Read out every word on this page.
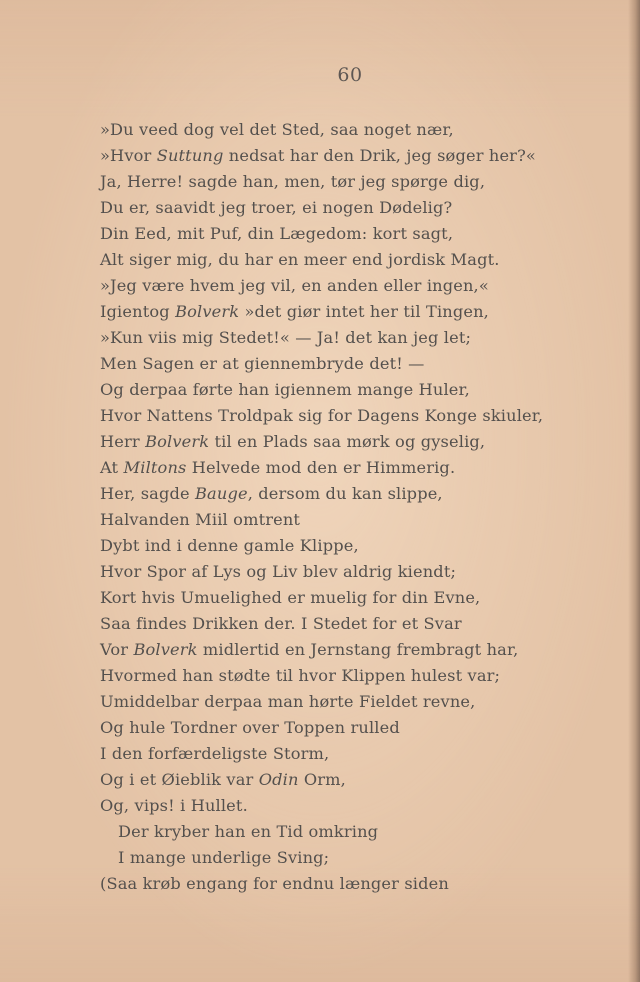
60
»Du veed dog vel det Sted, saa noget nær,
»Hvor Suttung nedsat har den Drik, jeg søger her?«
Ja, Herre! sagde han, men, tør jeg spørge dig,
Du er, saavidt jeg troer, ei nogen Dødelig?
Din Eed, mit Puf, din Lægedom: kort sagt,
Alt siger mig, du har en meer end jordisk Magt.
»Jeg være hvem jeg vil, en anden eller ingen,«
Igientog Bolverk »det giør intet her til Tingen,
»Kun viis mig Stedet!« — Ja! det kan jeg let;
Men Sagen er at giennembryde det! —
Og derpaa førte han igiennem mange Huler,
Hvor Nattens Troldpak sig for Dagens Konge skiuler,
Herr Bolverk til en Plads saa mørk og gyselig,
At Miltons Helvede mod den er Himmerig.
Her, sagde Bauge, dersom du kan slippe,
Halvanden Miil omtrent
Dybt ind i denne gamle Klippe,
Hvor Spor af Lys og Liv blev aldrig kiendt;
Kort hvis Umuelighed er muelig for din Evne,
Saa findes Drikken der. I Stedet for et Svar
Vor Bolverk midlertid en Jernstang frembragt har,
Hvormed han stødte til hvor Klippen hulest var;
Umiddelbar derpaa man hørte Fieldet revne,
Og hule Tordner over Toppen rulled
I den forfærdeligste Storm,
Og i et Øieblik var Odin Orm,
Og, vips! i Hullet.
Der kryber han en Tid omkring
I mange underlige Sving;
(Saa krøb engang for endnu længer siden
